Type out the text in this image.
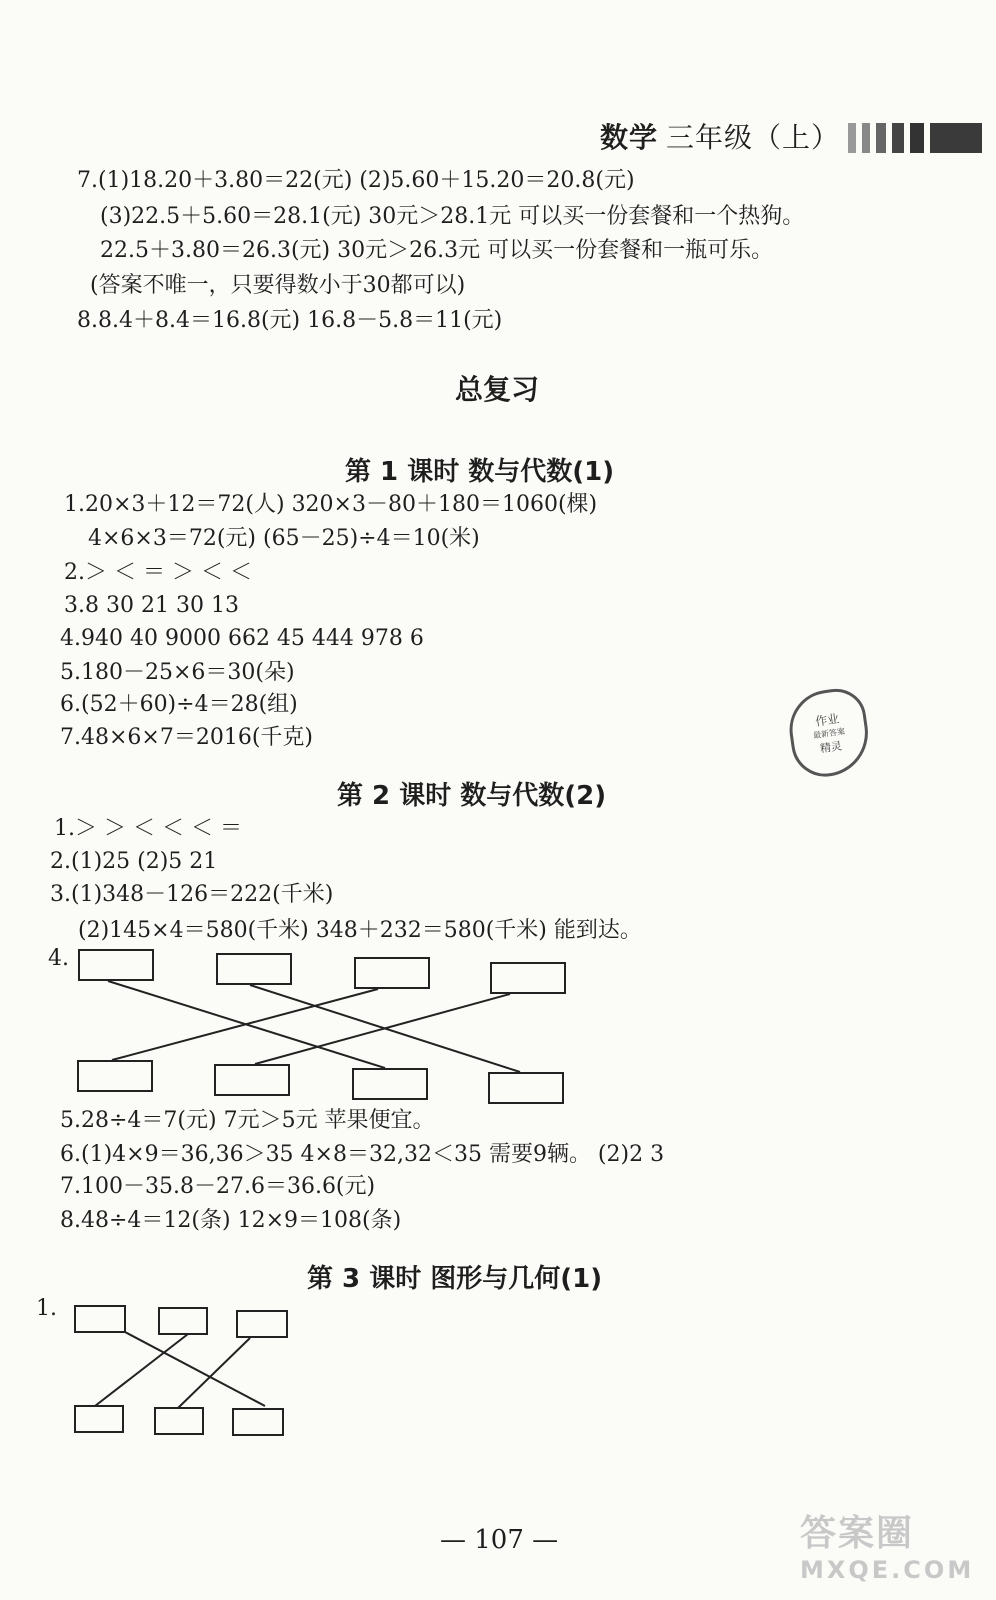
数学 三年级（上）
7.(1)18.20＋3.80＝22(元) (2)5.60＋15.20＝20.8(元)
(3)22.5＋5.60＝28.1(元) 30元＞28.1元 可以买一份套餐和一个热狗。
22.5＋3.80＝26.3(元) 30元＞26.3元 可以买一份套餐和一瓶可乐。
(答案不唯一，只要得数小于30都可以)
8.8.4＋8.4＝16.8(元) 16.8－5.8＝11(元)
总复习
第 1 课时 数与代数(1)
1.20×3＋12＝72(人) 320×3－80＋180＝1060(棵)
4×6×3＝72(元) (65－25)÷4＝10(米)
2.＞ ＜ ＝ ＞ ＜ ＜
3.8 30 21 30 13
4.940 40 9000 662 45 444 978 6
5.180－25×6＝30(朵)
6.(52＋60)÷4＝28(组)
7.48×6×7＝2016(千克)
作业
最新答案
精灵
第 2 课时 数与代数(2)
1.＞ ＞ ＜ ＜ ＜ ＝
2.(1)25 (2)5 21
3.(1)348－126＝222(千米)
(2)145×4＝580(千米) 348＋232＝580(千米) 能到达。
4.
5.28÷4＝7(元) 7元＞5元 苹果便宜。
6.(1)4×9＝36,36＞35 4×8＝32,32＜35 需要9辆。 (2)2 3
7.100－35.8－27.6＝36.6(元)
8.48÷4＝12(条) 12×9＝108(条)
第 3 课时 图形与几何(1)
1.
— 107 —	答案圈
MXQE.COM
